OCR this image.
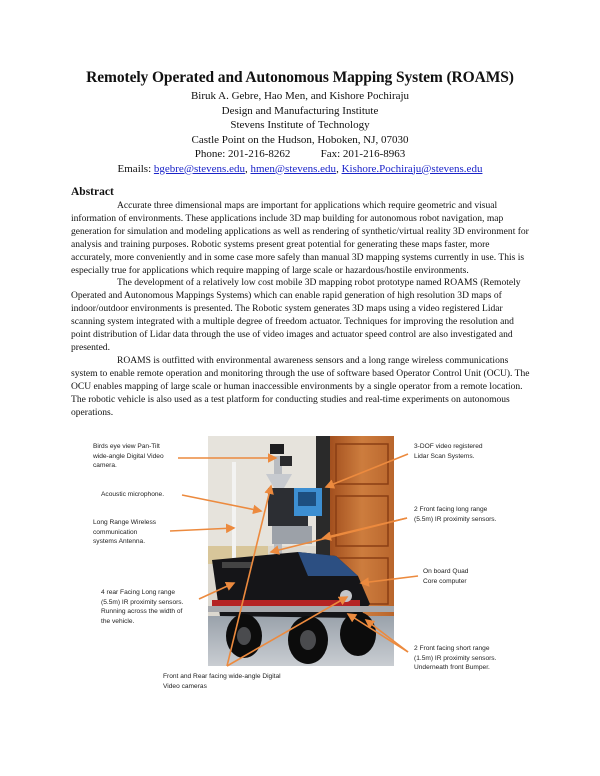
Remotely Operated and Autonomous Mapping System (ROAMS)
Biruk A. Gebre, Hao Men, and Kishore Pochiraju
Design and Manufacturing Institute
Stevens Institute of Technology
Castle Point on the Hudson, Hoboken, NJ, 07030
Phone: 201-216-8262	Fax: 201-216-8963
Emails: bgebre@stevens.edu, hmen@stevens.edu, Kishore.Pochiraju@stevens.edu
Abstract

Accurate three dimensional maps are important for applications which require geometric and visual information of environments. These applications include 3D map building for autonomous robot navigation, map generation for simulation and modeling applications as well as rendering of synthetic/virtual reality 3D environment for analysis and training purposes. Robotic systems present great potential for generating these maps faster, more accurately, more conveniently and in some case more safely than manual 3D mapping systems currently in use. This is especially true for applications which require mapping of large scale or hazardous/hostile environments.

The development of a relatively low cost mobile 3D mapping robot prototype named ROAMS (Remotely Operated and Autonomous Mappings Systems) which can enable rapid generation of high resolution 3D maps of indoor/outdoor environments is presented. The Robotic system generates 3D maps using a video registered Lidar scanning system integrated with a multiple degree of freedom actuator. Techniques for improving the resolution and point distribution of Lidar data through the use of video images and actuator speed control are also investigated and presented.

ROAMS is outfitted with environmental awareness sensors and a long range wireless communications system to enable remote operation and monitoring through the use of software based Operator Control Unit (OCU). The OCU enables mapping of large scale or human inaccessible environments by a single operator from a remote location. The robotic vehicle is also used as a test platform for conducting studies and real-time experiments on autonomous operations.

Birds eye view Pan-Tilt
wide-angle Digital Video
camera.
Acoustic microphone.
Long Range Wireless
communication
systems Antenna.
4 rear Facing Long range
(5.5m) IR proximity sensors.
Running across the width of
the vehicle.
Front and Rear facing wide-angle Digital
Video cameras
3-DOF video registered
Lidar Scan Systems.
2 Front facing long range
(5.5m) IR proximity sensors.
On board Quad
Core computer
2 Front facing short range
(1.5m) IR proximity sensors.
Underneath front Bumper.
